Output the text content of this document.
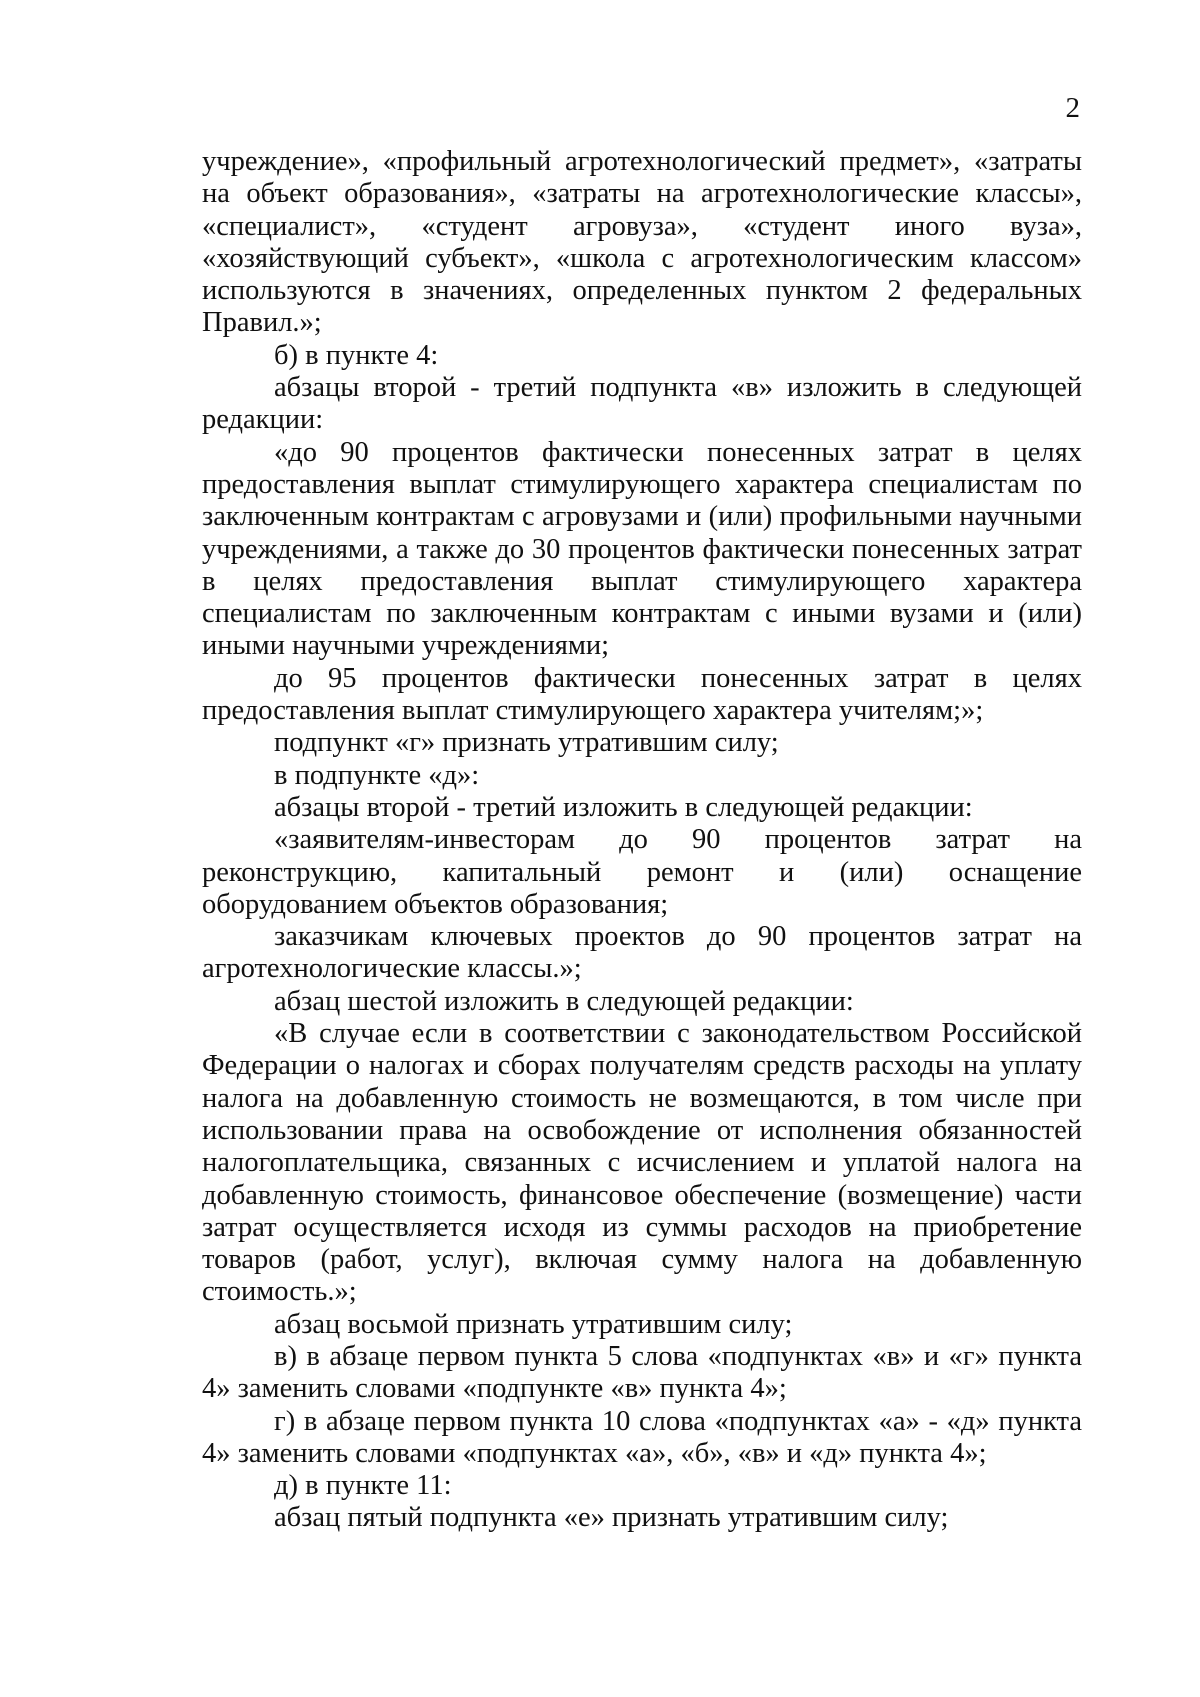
2

учреждение», «профильный агротехнологический предмет», «затраты на объект образования», «затраты на агротехнологические классы», «специалист», «студент агровуза», «студент иного вуза», «хозяйствующий субъект», «школа с агротехнологическим классом» используются в значениях, определенных пунктом 2 федеральных Правил.»;

б) в пункте 4:

абзацы второй - третий подпункта «в» изложить в следующей редакции:

«до 90 процентов фактически понесенных затрат в целях предоставления выплат стимулирующего характера специалистам по заключенным контрактам с агровузами и (или) профильными научными учреждениями, а также до 30 процентов фактически понесенных затрат в целях предоставления выплат стимулирующего характера специалистам по заключенным контрактам с иными вузами и (или) иными научными учреждениями;

до 95 процентов фактически понесенных затрат в целях предоставления выплат стимулирующего характера учителям;»;

подпункт «г» признать утратившим силу;

в подпункте «д»:

абзацы второй - третий изложить в следующей редакции:

«заявителям-инвесторам до 90 процентов затрат на реконструкцию, капитальный ремонт и (или) оснащение оборудованием объектов образования;

заказчикам ключевых проектов до 90 процентов затрат на агротехнологические классы.»;

абзац шестой изложить в следующей редакции:

«В случае если в соответствии с законодательством Российской Федерации о налогах и сборах получателям средств расходы на уплату налога на добавленную стоимость не возмещаются, в том числе при использовании права на освобождение от исполнения обязанностей налогоплательщика, связанных с исчислением и уплатой налога на добавленную стоимость, финансовое обеспечение (возмещение) части затрат осуществляется исходя из суммы расходов на приобретение товаров (работ, услуг), включая сумму налога на добавленную стоимость.»;

абзац восьмой признать утратившим силу;

в) в абзаце первом пункта 5 слова «подпунктах «в» и «г» пункта 4» заменить словами «подпункте «в» пункта 4»;

г) в абзаце первом пункта 10 слова «подпунктах «а» - «д» пункта 4» заменить словами «подпунктах «а», «б», «в» и «д» пункта 4»;

д) в пункте 11:

абзац пятый подпункта «е» признать утратившим силу;
